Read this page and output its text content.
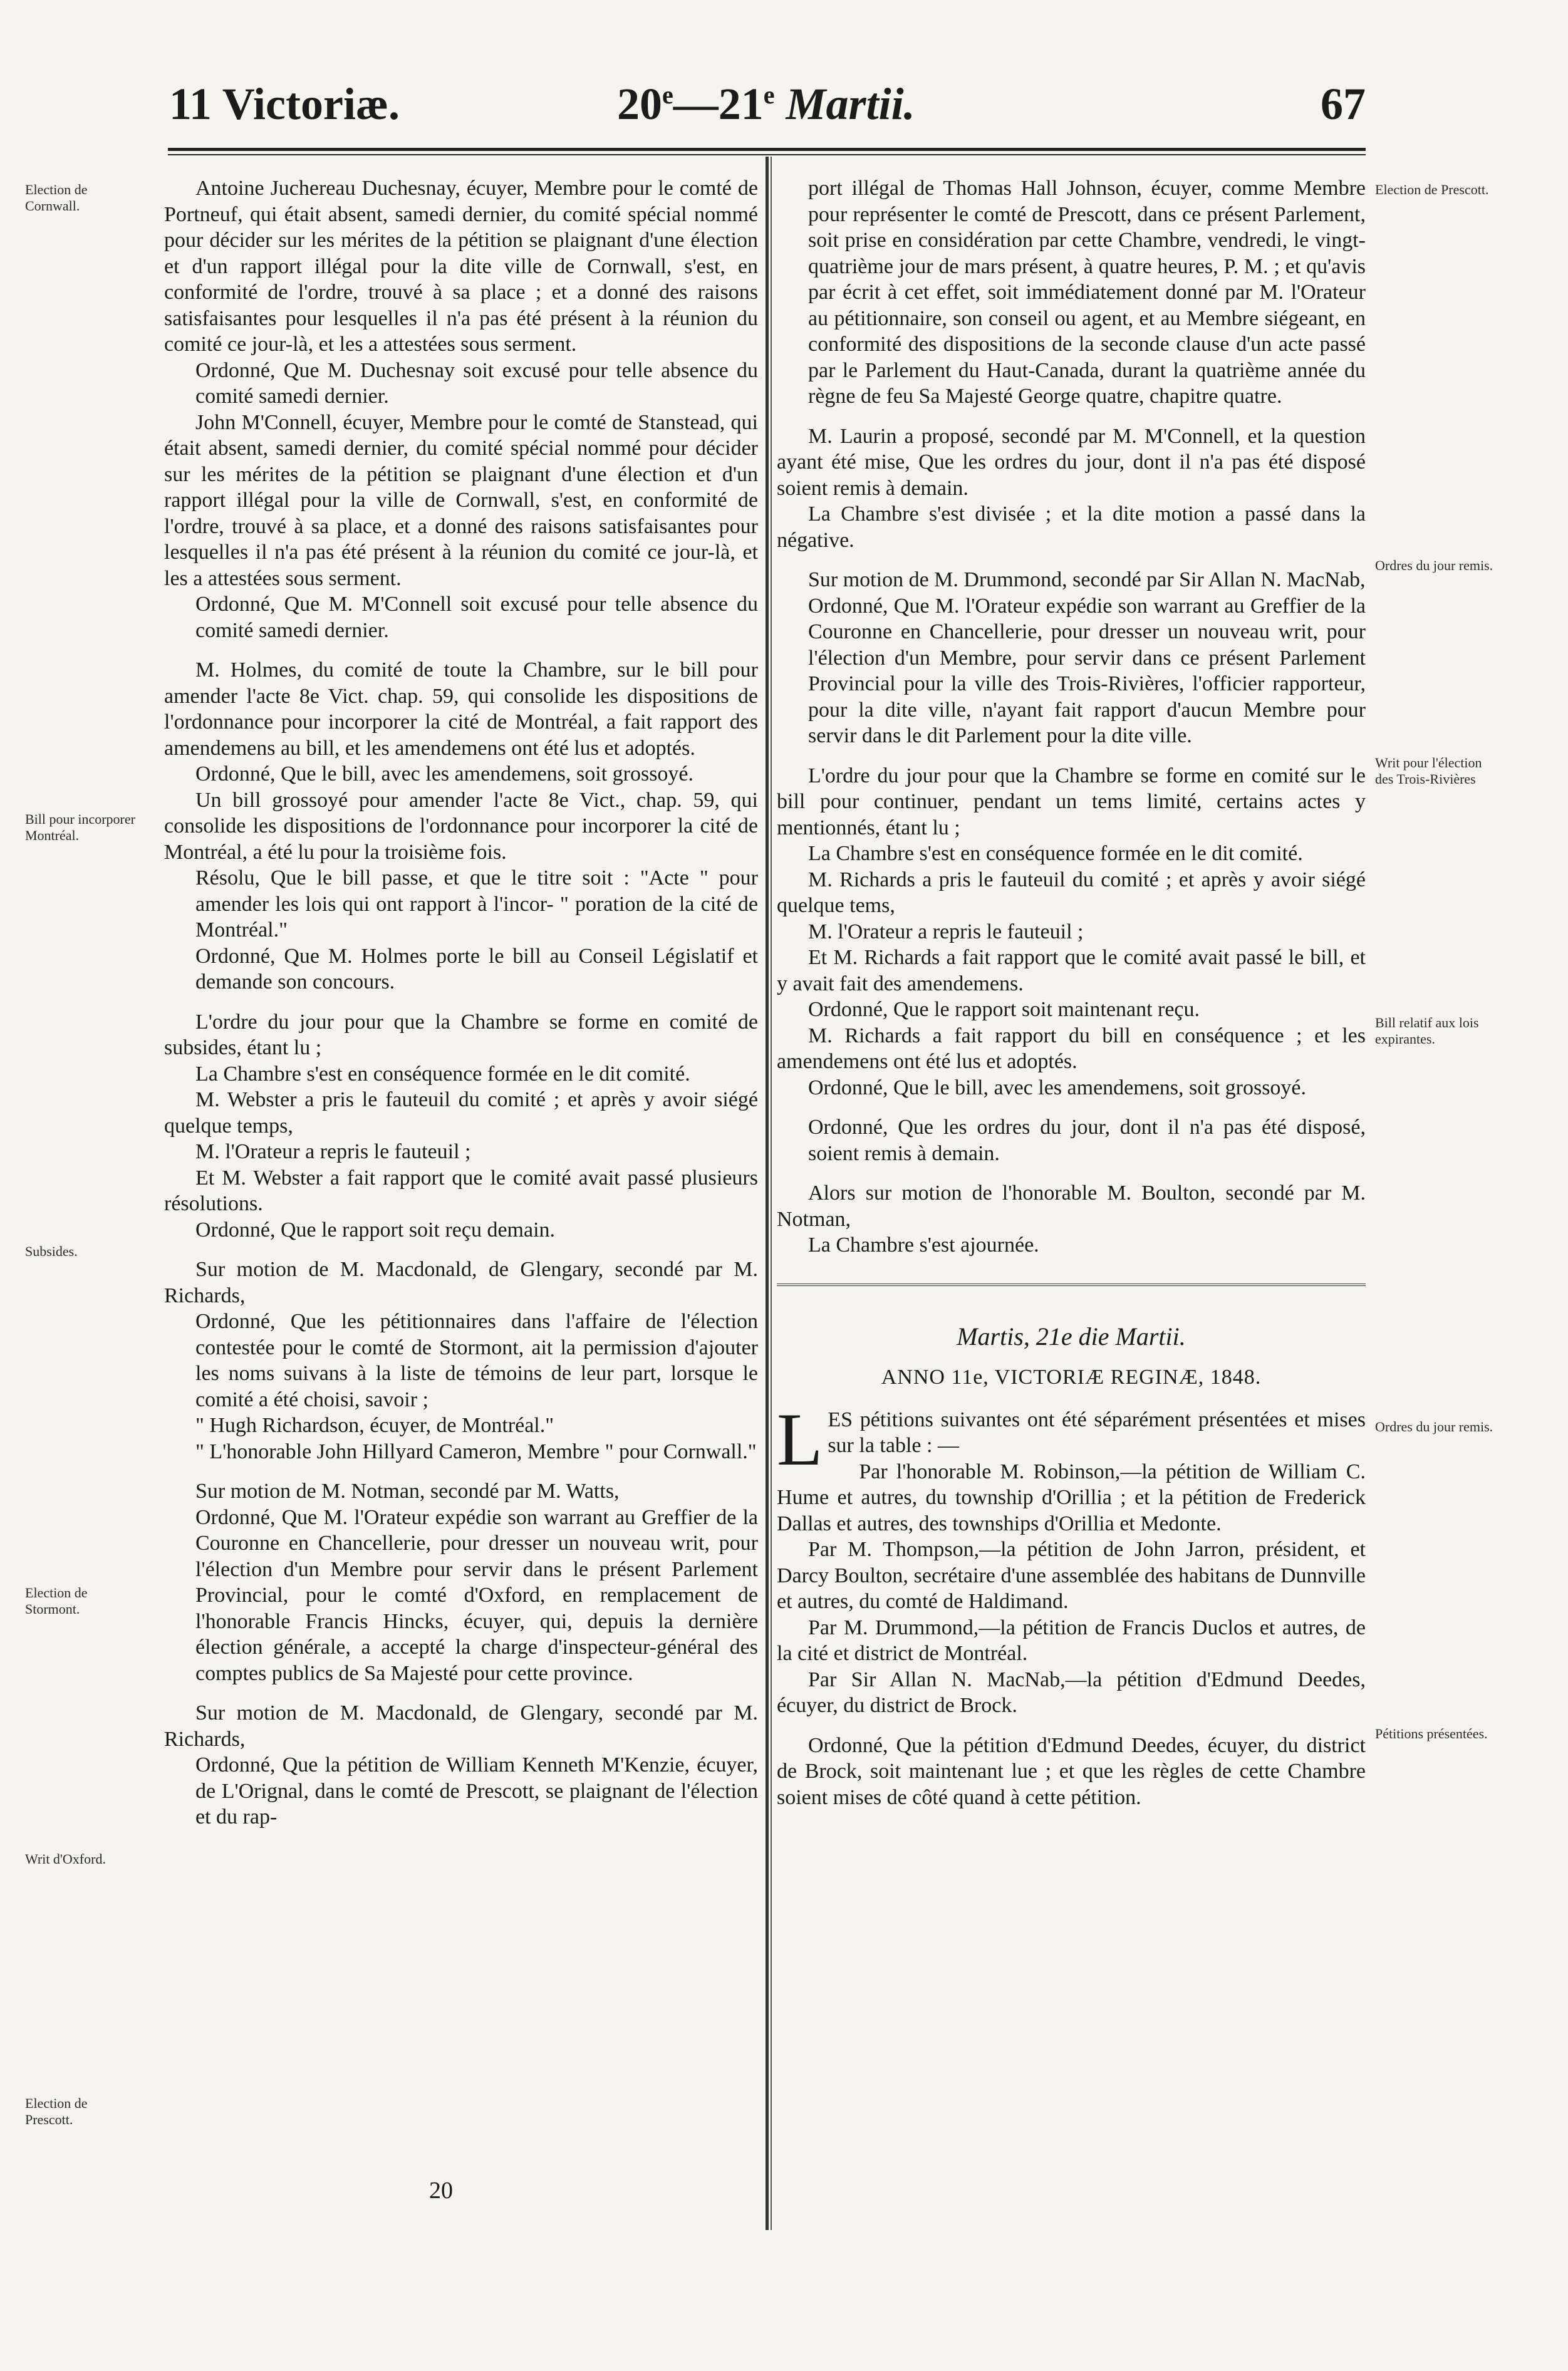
11 Victoriæ.	20e—21e Martii.	67
Election de Cornwall.
Bill pour incorporer Montréal.
Subsides.
Election de Stormont.
Writ d'Oxford.
Election de Prescott.
Election de Prescott.
Ordres du jour remis.
Writ pour l'élection des Trois-Rivières
Bill relatif aux lois expirantes.
Ordres du jour remis.
Pétitions présentées.

Antoine Juchereau Duchesnay, écuyer, Membre pour le comté de Portneuf, qui était absent, samedi dernier, du comité spécial nommé pour décider sur les mérites de la pétition se plaignant d'une élection et d'un rapport illégal pour la dite ville de Cornwall, s'est, en conformité de l'ordre, trouvé à sa place ; et a donné des raisons satisfaisantes pour lesquelles il n'a pas été présent à la réunion du comité ce jour-là, et les a attestées sous serment.

Ordonné, Que M. Duchesnay soit excusé pour telle absence du comité samedi dernier.

John M'Connell, écuyer, Membre pour le comté de Stanstead, qui était absent, samedi dernier, du comité spécial nommé pour décider sur les mérites de la pétition se plaignant d'une élection et d'un rapport illégal pour la ville de Cornwall, s'est, en conformité de l'ordre, trouvé à sa place, et a donné des raisons satisfaisantes pour lesquelles il n'a pas été présent à la réunion du comité ce jour-là, et les a attestées sous serment.

Ordonné, Que M. M'Connell soit excusé pour telle absence du comité samedi dernier.

M. Holmes, du comité de toute la Chambre, sur le bill pour amender l'acte 8e Vict. chap. 59, qui consolide les dispositions de l'ordonnance pour incorporer la cité de Montréal, a fait rapport des amendemens au bill, et les amendemens ont été lus et adoptés.

Ordonné, Que le bill, avec les amendemens, soit grossoyé.

Un bill grossoyé pour amender l'acte 8e Vict., chap. 59, qui consolide les dispositions de l'ordonnance pour incorporer la cité de Montréal, a été lu pour la troisième fois.

Résolu, Que le bill passe, et que le titre soit : "Acte " pour amender les lois qui ont rapport à l'incor- " poration de la cité de Montréal."

Ordonné, Que M. Holmes porte le bill au Conseil Législatif et demande son concours.

L'ordre du jour pour que la Chambre se forme en comité de subsides, étant lu ;

La Chambre s'est en conséquence formée en le dit comité.

M. Webster a pris le fauteuil du comité ; et après y avoir siégé quelque temps,

M. l'Orateur a repris le fauteuil ;

Et M. Webster a fait rapport que le comité avait passé plusieurs résolutions.

Ordonné, Que le rapport soit reçu demain.

Sur motion de M. Macdonald, de Glengary, secondé par M. Richards,

Ordonné, Que les pétitionnaires dans l'affaire de l'élection contestée pour le comté de Stormont, ait la permission d'ajouter les noms suivans à la liste de témoins de leur part, lorsque le comité a été choisi, savoir ;

" Hugh Richardson, écuyer, de Montréal."

" L'honorable John Hillyard Cameron, Membre " pour Cornwall."

Sur motion de M. Notman, secondé par M. Watts,

Ordonné, Que M. l'Orateur expédie son warrant au Greffier de la Couronne en Chancellerie, pour dresser un nouveau writ, pour l'élection d'un Membre pour servir dans le présent Parlement Provincial, pour le comté d'Oxford, en remplacement de l'honorable Francis Hincks, écuyer, qui, depuis la dernière élection générale, a accepté la charge d'inspecteur-général des comptes publics de Sa Majesté pour cette province.

Sur motion de M. Macdonald, de Glengary, secondé par M. Richards,

Ordonné, Que la pétition de William Kenneth M'Kenzie, écuyer, de L'Orignal, dans le comté de Prescott, se plaignant de l'élection et du rap-

port illégal de Thomas Hall Johnson, écuyer, comme Membre pour représenter le comté de Prescott, dans ce présent Parlement, soit prise en considération par cette Chambre, vendredi, le vingt-quatrième jour de mars présent, à quatre heures, P. M. ; et qu'avis par écrit à cet effet, soit immédiatement donné par M. l'Orateur au pétitionnaire, son conseil ou agent, et au Membre siégeant, en conformité des dispositions de la seconde clause d'un acte passé par le Parlement du Haut-Canada, durant la quatrième année du règne de feu Sa Majesté George quatre, chapitre quatre.

M. Laurin a proposé, secondé par M. M'Connell, et la question ayant été mise, Que les ordres du jour, dont il n'a pas été disposé soient remis à demain.

La Chambre s'est divisée ; et la dite motion a passé dans la négative.

Sur motion de M. Drummond, secondé par Sir Allan N. MacNab,

Ordonné, Que M. l'Orateur expédie son warrant au Greffier de la Couronne en Chancellerie, pour dresser un nouveau writ, pour l'élection d'un Membre, pour servir dans ce présent Parlement Provincial pour la ville des Trois-Rivières, l'officier rapporteur, pour la dite ville, n'ayant fait rapport d'aucun Membre pour servir dans le dit Parlement pour la dite ville.

L'ordre du jour pour que la Chambre se forme en comité sur le bill pour continuer, pendant un tems limité, certains actes y mentionnés, étant lu ;

La Chambre s'est en conséquence formée en le dit comité.

M. Richards a pris le fauteuil du comité ; et après y avoir siégé quelque tems,

M. l'Orateur a repris le fauteuil ;

Et M. Richards a fait rapport que le comité avait passé le bill, et y avait fait des amendemens.

Ordonné, Que le rapport soit maintenant reçu.

M. Richards a fait rapport du bill en conséquence ; et les amendemens ont été lus et adoptés.

Ordonné, Que le bill, avec les amendemens, soit grossoyé.

Ordonné, Que les ordres du jour, dont il n'a pas été disposé, soient remis à demain.

Alors sur motion de l'honorable M. Boulton, secondé par M. Notman,

La Chambre s'est ajournée.

Martis, 21e die Martii.
ANNO 11e, VICTORIÆ REGINÆ, 1848.

LES pétitions suivantes ont été séparément présentées et mises sur la table : —

Par l'honorable M. Robinson,—la pétition de William C. Hume et autres, du township d'Orillia ; et la pétition de Frederick Dallas et autres, des townships d'Orillia et Medonte.

Par M. Thompson,—la pétition de John Jarron, président, et Darcy Boulton, secrétaire d'une assemblée des habitans de Dunnville et autres, du comté de Haldimand.

Par M. Drummond,—la pétition de Francis Duclos et autres, de la cité et district de Montréal.

Par Sir Allan N. MacNab,—la pétition d'Edmund Deedes, écuyer, du district de Brock.

Ordonné, Que la pétition d'Edmund Deedes, écuyer, du district de Brock, soit maintenant lue ; et que les règles de cette Chambre soient mises de côté quand à cette pétition.

20
